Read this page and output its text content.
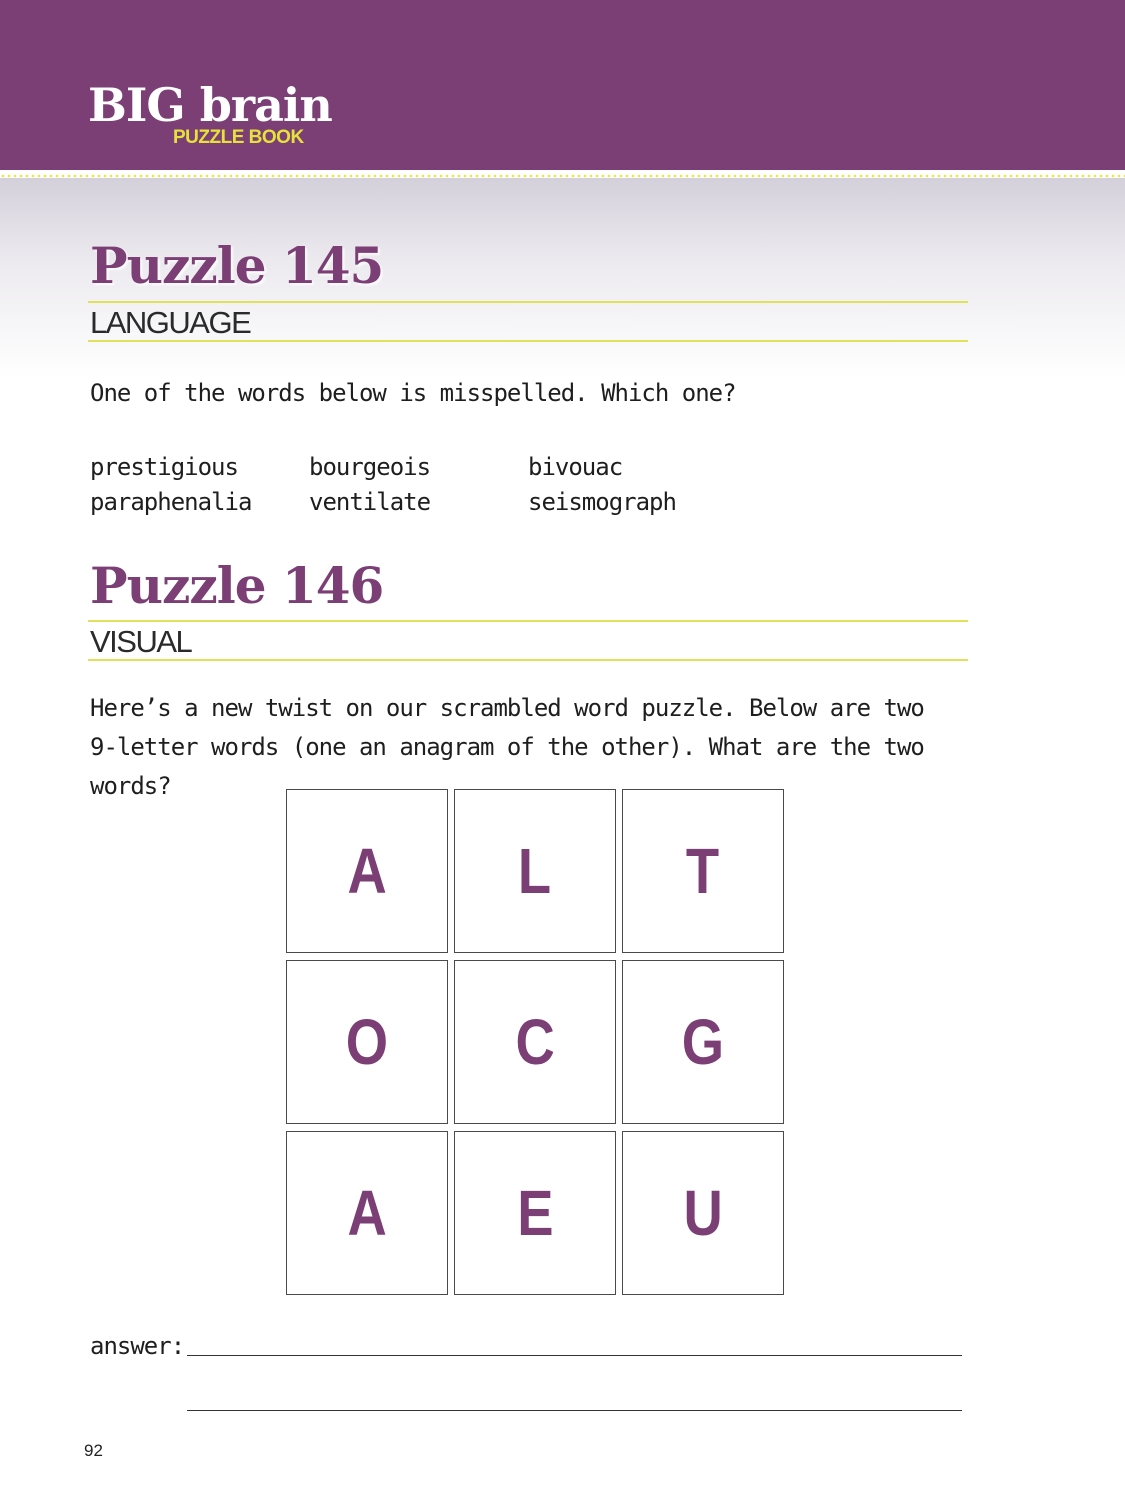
BIG brain
PUZZLE BOOK
Puzzle 145
LANGUAGE
One of the words below is misspelled. Which one?
prestigious	bourgeois	bivouac
paraphenalia	ventilate	seismograph
Puzzle 146
VISUAL
Here’s a new twist on our scrambled word puzzle. Below are two 9-letter words (one an anagram of the other). What are the two words?
A L T
O C G
A E U
answer:
92
